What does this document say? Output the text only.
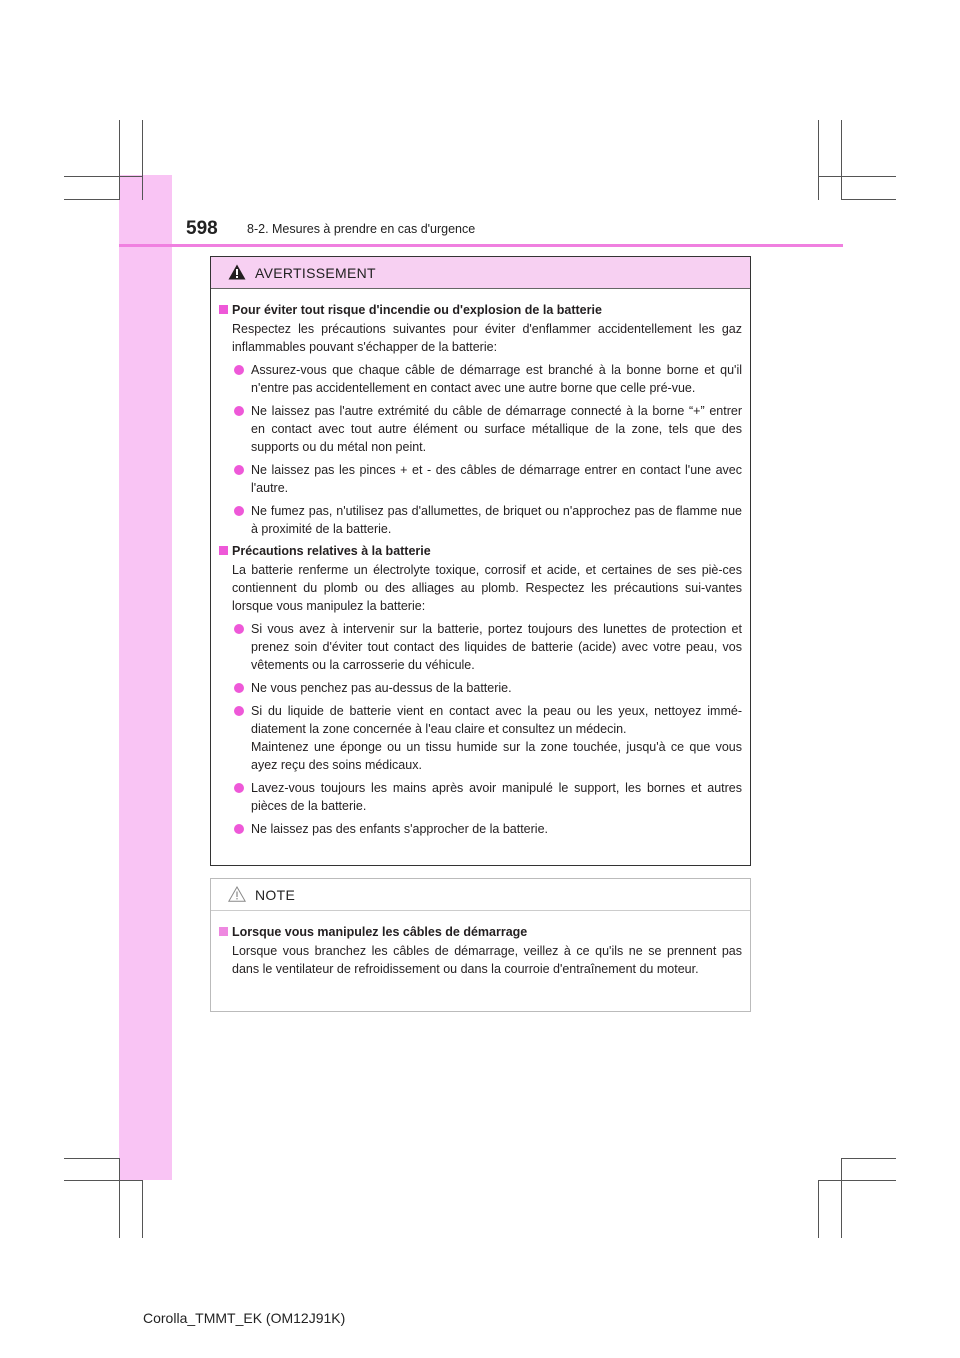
598 8-2. Mesures à prendre en cas d'urgence
AVERTISSEMENT
Pour éviter tout risque d'incendie ou d'explosion de la batterie
Respectez les précautions suivantes pour éviter d'enflammer accidentellement les gaz inflammables pouvant s'échapper de la batterie:
Assurez-vous que chaque câble de démarrage est branché à la bonne borne et qu'il n'entre pas accidentellement en contact avec une autre borne que celle pré-vue.
Ne laissez pas l'autre extrémité du câble de démarrage connecté à la borne “+” entrer en contact avec tout autre élément ou surface métallique de la zone, tels que des supports ou du métal non peint.
Ne laissez pas les pinces + et - des câbles de démarrage entrer en contact l'une avec l'autre.
Ne fumez pas, n'utilisez pas d'allumettes, de briquet ou n'approchez pas de flamme nue à proximité de la batterie.
Précautions relatives à la batterie
La batterie renferme un électrolyte toxique, corrosif et acide, et certaines de ses piè-ces contiennent du plomb ou des alliages au plomb. Respectez les précautions sui-vantes lorsque vous manipulez la batterie:
Si vous avez à intervenir sur la batterie, portez toujours des lunettes de protection et prenez soin d'éviter tout contact des liquides de batterie (acide) avec votre peau, vos vêtements ou la carrosserie du véhicule.
Ne vous penchez pas au-dessus de la batterie.
Si du liquide de batterie vient en contact avec la peau ou les yeux, nettoyez immé-diatement la zone concernée à l'eau claire et consultez un médecin.
Maintenez une éponge ou un tissu humide sur la zone touchée, jusqu'à ce que vous ayez reçu des soins médicaux.
Lavez-vous toujours les mains après avoir manipulé le support, les bornes et autres pièces de la batterie.
Ne laissez pas des enfants s'approcher de la batterie.
NOTE
Lorsque vous manipulez les câbles de démarrage
Lorsque vous branchez les câbles de démarrage, veillez à ce qu'ils ne se prennent pas dans le ventilateur de refroidissement ou dans la courroie d'entraînement du moteur.
Corolla_TMMT_EK (OM12J91K)
